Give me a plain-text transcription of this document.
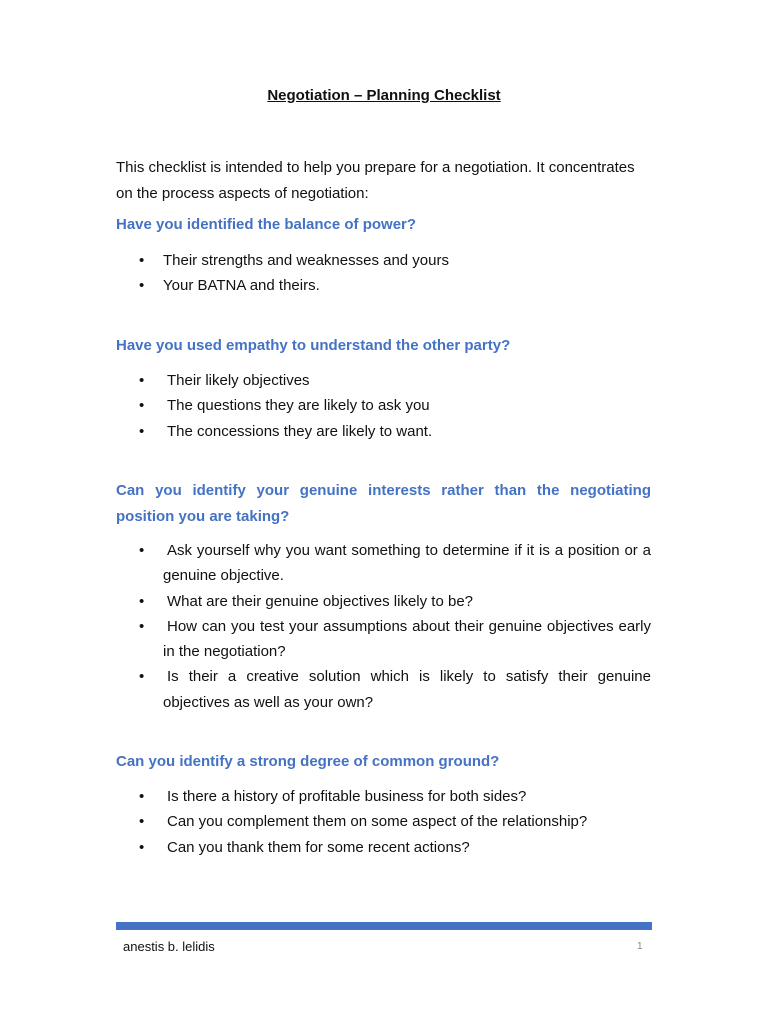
Negotiation – Planning Checklist
This checklist is intended to help you prepare for a negotiation. It concentrates on the process aspects of negotiation:
Have you identified the balance of power?
• Their strengths and weaknesses and yours
• Your BATNA and theirs.
Have you used empathy to understand the other party?
• Their likely objectives
• The questions they are likely to ask you
• The concessions they are likely to want.
Can you identify your genuine interests rather than the negotiating position you are taking?
• Ask yourself why you want something to determine if it is a position or a genuine objective.
• What are their genuine objectives likely to be?
• How can you test your assumptions about their genuine objectives early in the negotiation?
• Is their a creative solution which is likely to satisfy their genuine objectives as well as your own?
Can you identify a strong degree of common ground?
• Is there a history of profitable business for both sides?
• Can you complement them on some aspect of the relationship?
• Can you thank them for some recent actions?
anestis b. lelidis	1
